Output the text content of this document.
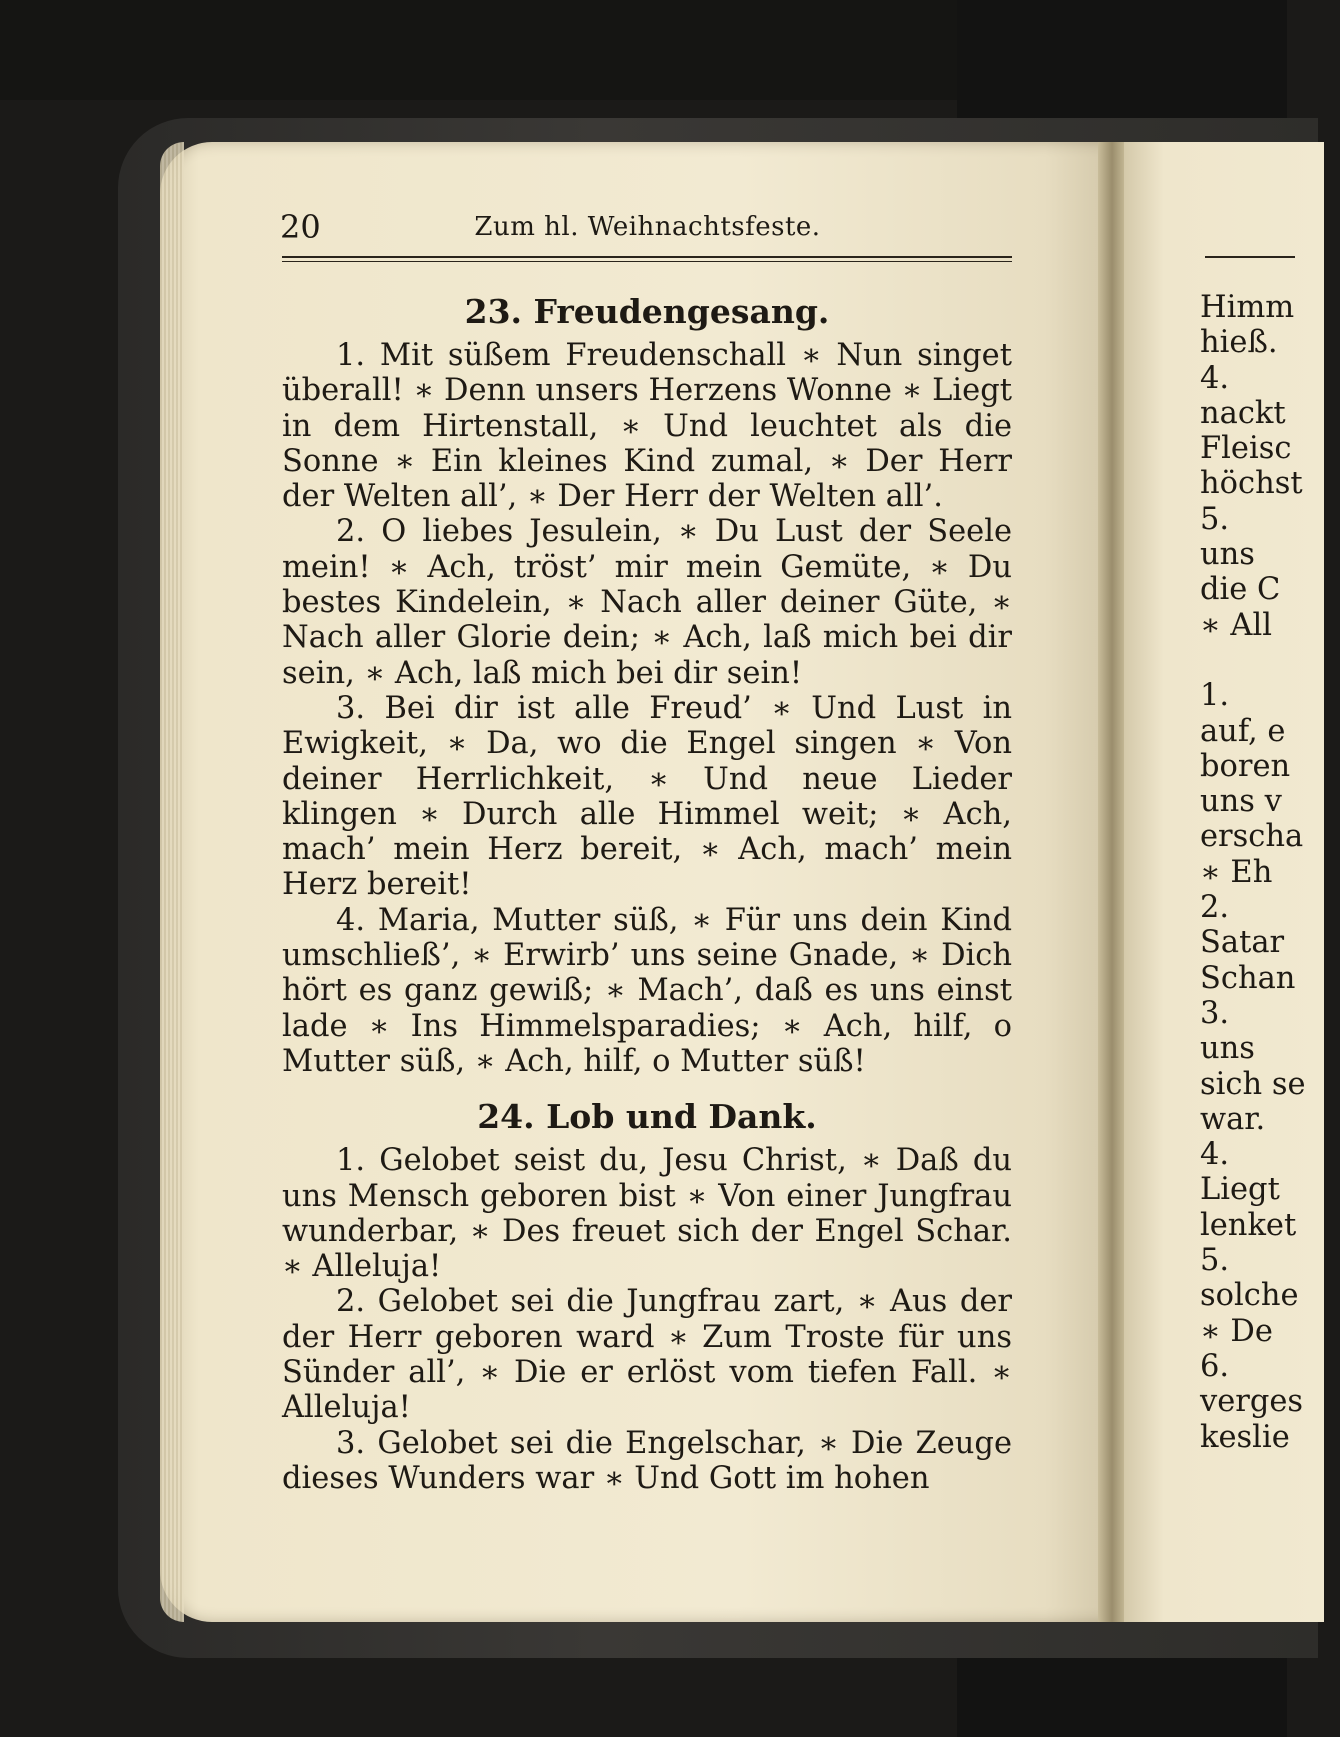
20	Zum hl. Weihnachtsfeste.
23. Freudengesang.

1. Mit süßem Freudenschall ∗ Nun singet überall! ∗ Denn unsers Herzens Wonne ∗ Liegt in dem Hirtenstall, ∗ Und leuchtet als die Sonne ∗ Ein kleines Kind zumal, ∗ Der Herr der Welten all’, ∗ Der Herr der Welten all’.

2. O liebes Jesulein, ∗ Du Lust der Seele mein! ∗ Ach, tröst’ mir mein Gemüte, ∗ Du bestes Kindelein, ∗ Nach aller deiner Güte, ∗ Nach aller Glorie dein; ∗ Ach, laß mich bei dir sein, ∗ Ach, laß mich bei dir sein!

3. Bei dir ist alle Freud’ ∗ Und Lust in Ewigkeit, ∗ Da, wo die Engel singen ∗ Von deiner Herrlichkeit, ∗ Und neue Lieder klingen ∗ Durch alle Himmel weit; ∗ Ach, mach’ mein Herz bereit, ∗ Ach, mach’ mein Herz bereit!

4. Maria, Mutter süß, ∗ Für uns dein Kind umschließ’, ∗ Erwirb’ uns seine Gnade, ∗ Dich hört es ganz gewiß; ∗ Mach’, daß es uns einst lade ∗ Ins Himmelsparadies; ∗ Ach, hilf, o Mutter süß, ∗ Ach, hilf, o Mutter süß!

24. Lob und Dank.

1. Gelobet seist du, Jesu Christ, ∗ Daß du uns Mensch geboren bist ∗ Von einer Jungfrau wunderbar, ∗ Des freuet sich der Engel Schar. ∗ Alleluja!

2. Gelobet sei die Jungfrau zart, ∗ Aus der der Herr geboren ward ∗ Zum Troste für uns Sünder all’, ∗ Die er erlöst vom tiefen Fall. ∗ Alleluja!

3. Gelobet sei die Engelschar, ∗ Die Zeuge dieses Wunders war ∗ Und Gott im hohen

Himm
hieß.
4.
nackt
Fleisc
höchst
5.
uns
die C
∗ All

1.
auf, e
boren
uns v
erscha
∗ Eh
2.
Satar
Schan
3.
uns
sich se
war.
4.
Liegt
lenket
5.
solche
∗ De
6.
verges
keslie
